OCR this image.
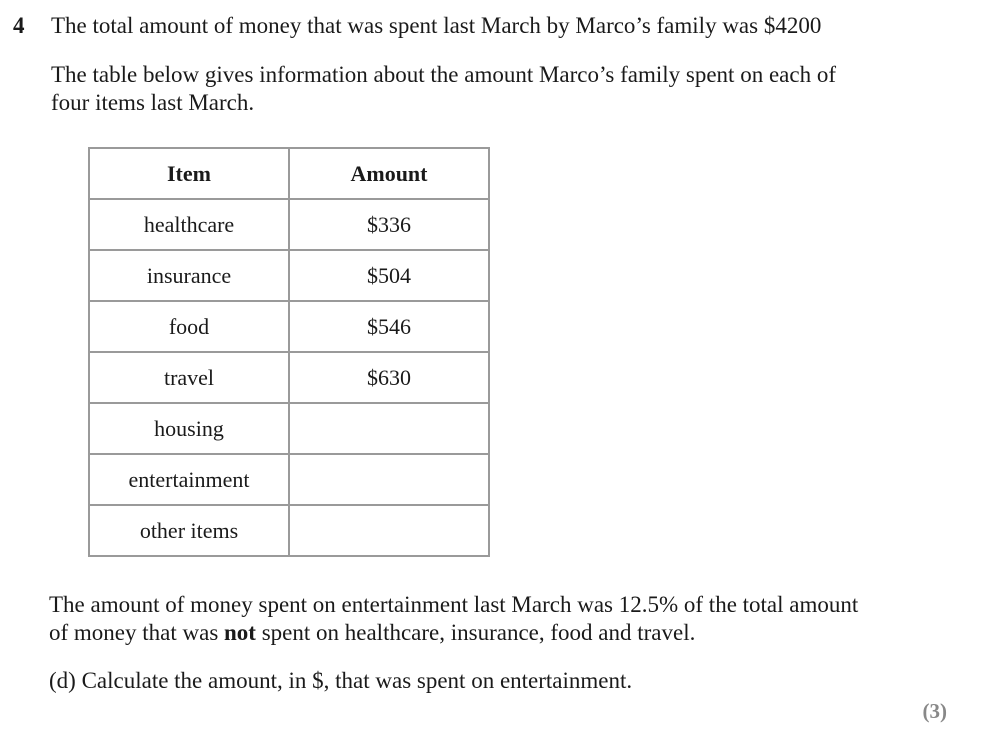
4 The total amount of money that was spent last March by Marco’s family was $4200
The table below gives information about the amount Marco’s family spent on each of
four items last March.
Item	Amount
healthcare	$336
insurance	$504
food	$546
travel	$630
housing	
entertainment	
other items	
The amount of money spent on entertainment last March was 12.5% of the total amount
of money that was not spent on healthcare, insurance, food and travel.
(d) Calculate the amount, in $, that was spent on entertainment.
(3)
